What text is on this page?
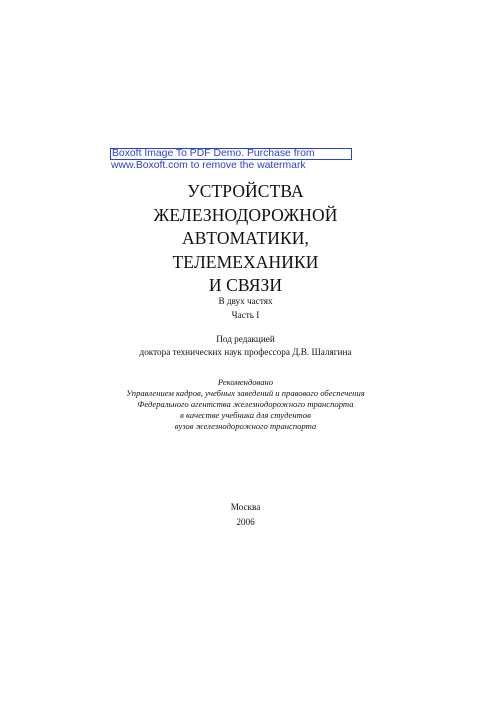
Boxoft Image To PDF Demo. Purchase from
www.Boxoft.com to remove the watermark
УСТРОЙСТВА
ЖЕЛЕЗНОДОРОЖНОЙ
АВТОМАТИКИ,
ТЕЛЕМЕХАНИКИ
И СВЯЗИ
В двух частях
Часть I
Под редакцией
доктора технических наук профессора Д.В. Шалягина
Рекомендовано
Управлением кадров, учебных заведений и правового обеспечения
Федерального агентства железнодорожного транспорта
в качестве учебника для студентов
вузов железнодорожного транспорта
Москва
2006
